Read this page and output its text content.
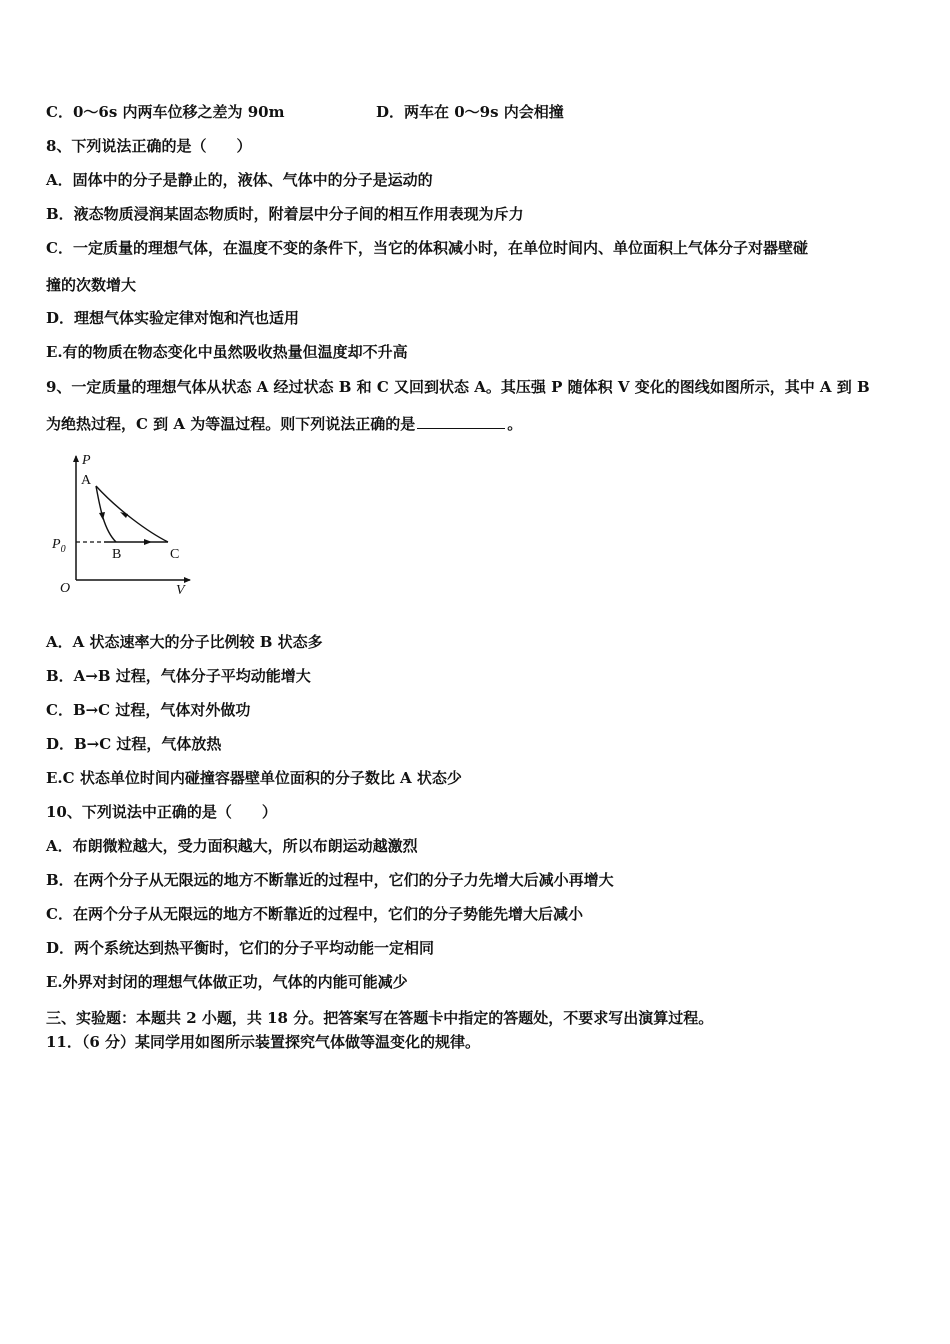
C．0～6s 内两车位移之差为 90m	D．两车在 0～9s 内会相撞
8、下列说法正确的是（　　）
A．固体中的分子是静止的，液体、气体中的分子是运动的
B．液态物质浸润某固态物质时，附着层中分子间的相互作用表现为斥力
C．一定质量的理想气体，在温度不变的条件下，当它的体积减小时，在单位时间内、单位面积上气体分子对器壁碰
撞的次数增大
D．理想气体实验定律对饱和汽也适用
E.有的物质在物态变化中虽然吸收热量但温度却不升高
9、一定质量的理想气体从状态 A 经过状态 B 和 C 又回到状态 A。其压强 P 随体积 V 变化的图线如图所示，其中 A 到 B
为绝热过程，C 到 A 为等温过程。则下列说法正确的是	。
P
V
O
$P_0$
A
B	C
A．A 状态速率大的分子比例较 B 状态多
B．A→B 过程，气体分子平均动能增大
C．B→C 过程，气体对外做功
D．B→C 过程，气体放热
E.C 状态单位时间内碰撞容器壁单位面积的分子数比 A 状态少
10、下列说法中正确的是（　　）
A．布朗微粒越大，受力面积越大，所以布朗运动越激烈
B．在两个分子从无限远的地方不断靠近的过程中，它们的分子力先增大后减小再增大
C．在两个分子从无限远的地方不断靠近的过程中，它们的分子势能先增大后减小
D．两个系统达到热平衡时，它们的分子平均动能一定相同
E.外界对封闭的理想气体做正功，气体的内能可能减少
三、实验题：本题共 2 小题，共 18 分。把答案写在答题卡中指定的答题处，不要求写出演算过程。
11．（6 分）某同学用如图所示装置探究气体做等温变化的规律。
